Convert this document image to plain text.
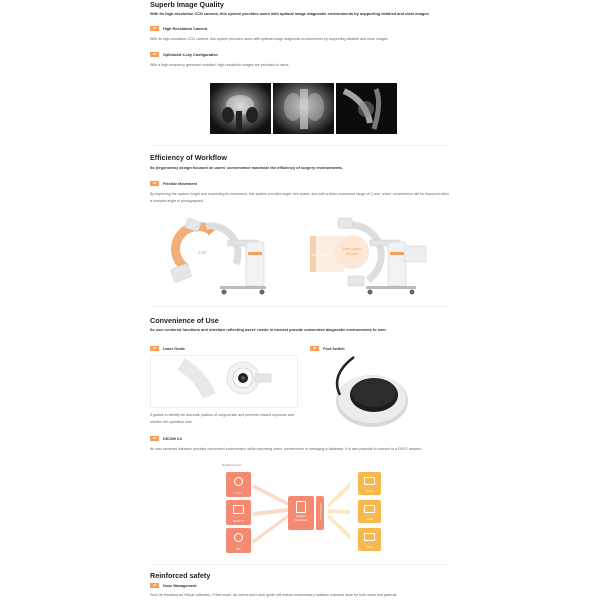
Superb Image Quality
With its high-resolution CCD camera, this system provides users with optimal image diagnostic environments by supporting detailed and clear images.
01	High Resolution Camera
With its high-resolution CCD camera, this system provides users with optimal image diagnostic environments by supporting detailed and clear images.
02	Optimized X-ray Configuration
With a high-frequency generator installed, high-resolution images are provided to users.
Efficiency of Workflow
Its (ergonomic) design focused on users' convenience maximize the efficiency of surgery environments.
01	Flexible Movement
By improving the system height and expanding its movement, this system provides larger free space, and with a wider movement range of C-arm, users' convenience will be improved when a complex angle is photographed.
135°
Free Space
800mm
780~1090mm
Convenience of Use
Its user-centered functions and interface reflecting users' needs in earnest provide convenient diagnostic environments to user.
01	Laser Guide	02	Foot Switch
It guides to identify an accurate position of surgical site and prevents missed exposure and shorten the operation time
03	DICOM 3.0
Its user-centered interface provides convenient environment, while improving users' convenience in managing a database. It is also possible to connect to a PACS network.
Modality Devices
C-arm
DICOM CT
MRI
Storage &
Transmission
DICOM Interface
Viewer
Viewer
Viewer
Reinforced safety
01	Dose Management
Such its functions as Virtual collimator, Pulse mode, Air kerma and Laser guide will reduce unnecessary radiation-exposed dose for both users and patients
